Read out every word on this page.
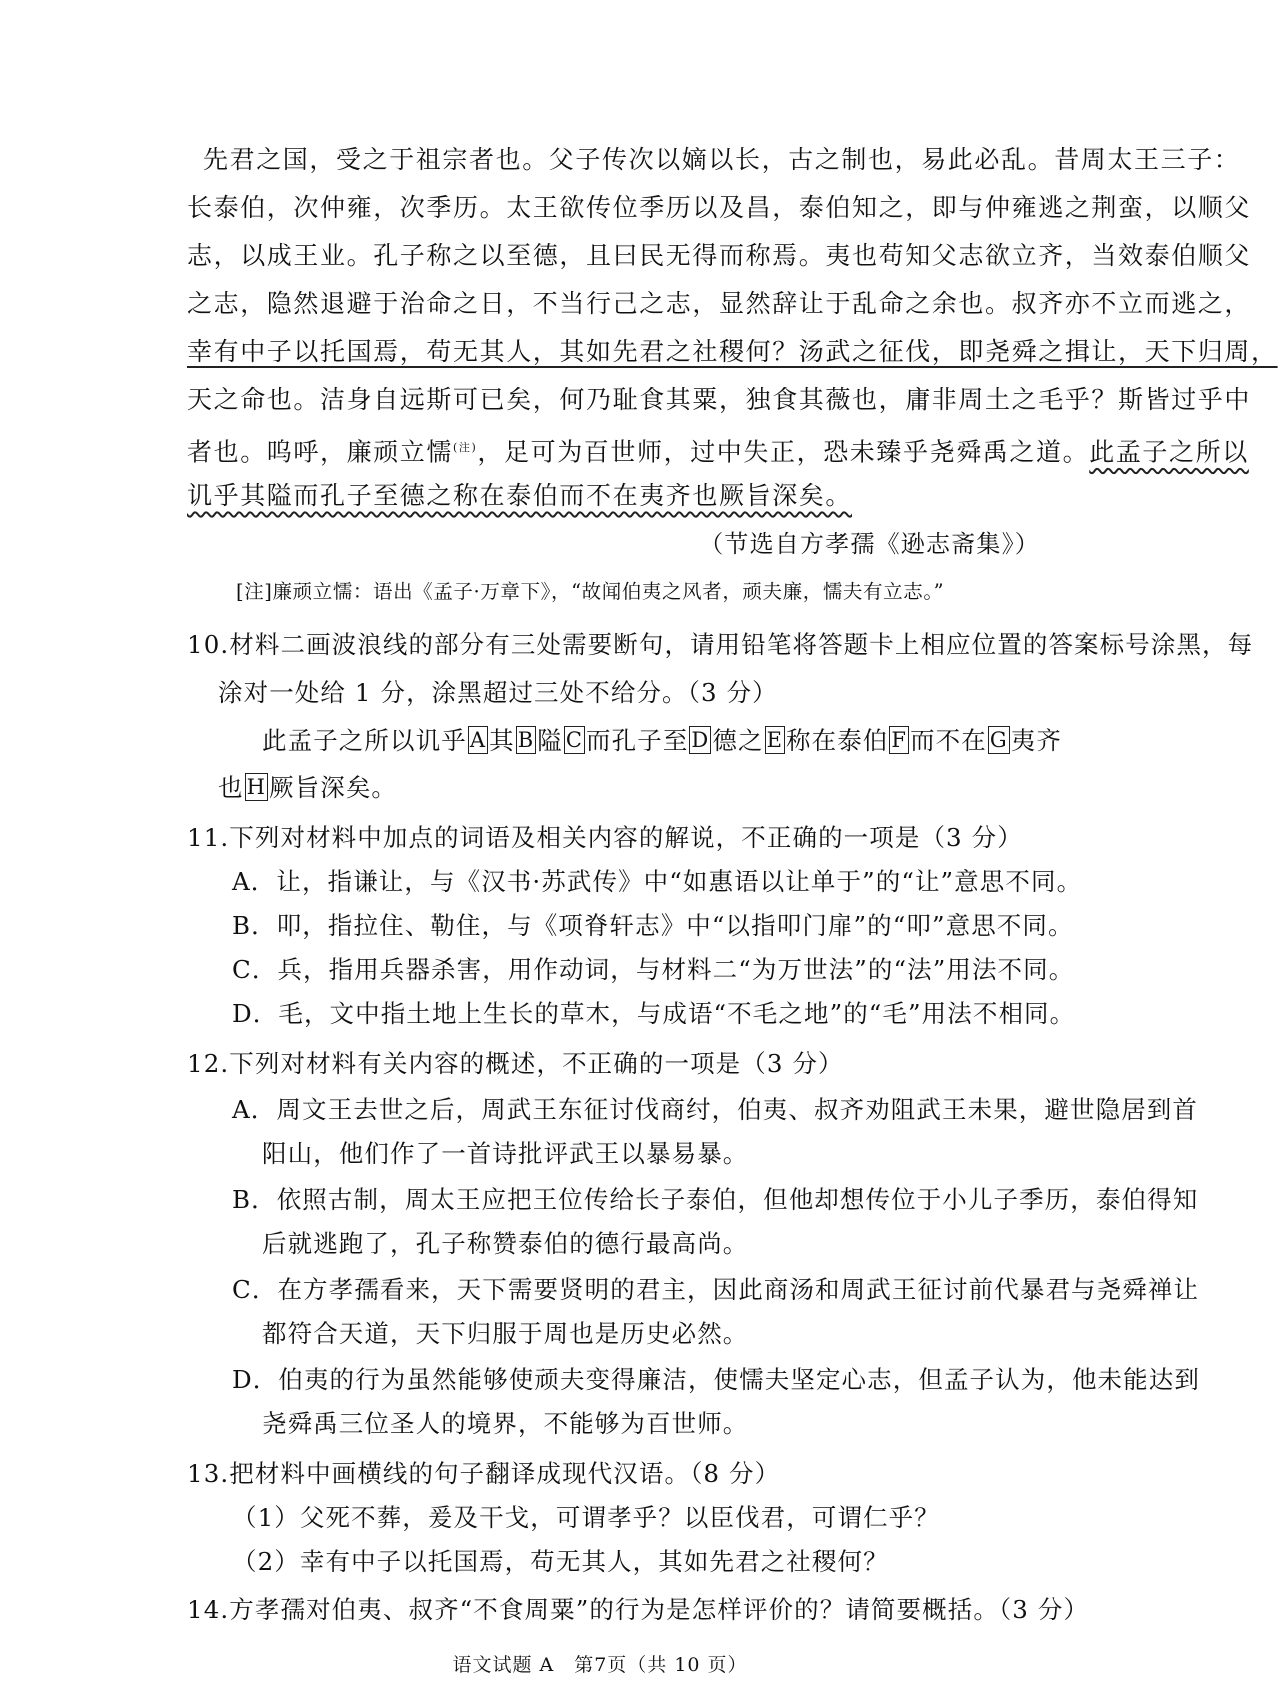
先君之国，受之于祖宗者也。父子传次以嫡以长，古之制也，易此必乱。昔周太王三子：
长泰伯，次仲雍，次季历。太王欲传位季历以及昌，泰伯知之，即与仲雍逃之荆蛮，以顺父
志，以成王业。孔子称之以至德，且曰民无得而称焉。夷也苟知父志欲立齐，当效泰伯顺父
之志，隐然退避于治命之日，不当行己之志，显然辞让于乱命之余也。叔齐亦不立而逃之，
幸有中子以托国焉，苟无其人，其如先君之社稷何？汤武之征伐，即尧舜之揖让，天下归周，
天之命也。洁身自远斯可已矣，何乃耻食其粟，独食其薇也，庸非周土之毛乎？斯皆过乎中
者也。呜呼，廉顽立懦$^{(注)}$，足可为百世师，过中失正，恐未臻乎尧舜禹之道。此孟子之所以
讥乎其隘而孔子至德之称在泰伯而不在夷齐也厥旨深矣。
（节选自方孝孺《逊志斋集》）
[注]廉顽立懦：语出《孟子·万章下》，“故闻伯夷之风者，顽夫廉，懦夫有立志。”
10.材料二画波浪线的部分有三处需要断句，请用铅笔将答题卡上相应位置的答案标号涂黑，每
涂对一处给 1 分，涂黑超过三处不给分。（3 分）
此孟子之所以讥乎 A 其 B 隘 C 而孔子至 D 德之 E 称在泰伯 F 而不在 G 夷齐
也 H 厥旨深矣。
11.下列对材料中加点的词语及相关内容的解说，不正确的一项是（3 分）
A．让，指谦让，与《汉书·苏武传》中“如惠语以让单于”的“让”意思不同。
B．叩，指拉住、勒住，与《项脊轩志》中“以指叩门扉”的“叩”意思不同。
C．兵，指用兵器杀害，用作动词，与材料二“为万世法”的“法”用法不同。
D．毛，文中指土地上生长的草木，与成语“不毛之地”的“毛”用法不相同。
12.下列对材料有关内容的概述，不正确的一项是（3 分）
A．周文王去世之后，周武王东征讨伐商纣，伯夷、叔齐劝阻武王未果，避世隐居到首
阳山，他们作了一首诗批评武王以暴易暴。
B．依照古制，周太王应把王位传给长子泰伯，但他却想传位于小儿子季历，泰伯得知
后就逃跑了，孔子称赞泰伯的德行最高尚。
C．在方孝孺看来，天下需要贤明的君主，因此商汤和周武王征讨前代暴君与尧舜禅让
都符合天道，天下归服于周也是历史必然。
D．伯夷的行为虽然能够使顽夫变得廉洁，使懦夫坚定心志，但孟子认为，他未能达到
尧舜禹三位圣人的境界，不能够为百世师。
13.把材料中画横线的句子翻译成现代汉语。（8 分）
（1）父死不葬，爰及干戈，可谓孝乎？以臣伐君，可谓仁乎？
（2）幸有中子以托国焉，苟无其人，其如先君之社稷何？
14.方孝孺对伯夷、叔齐“不食周粟”的行为是怎样评价的？请简要概括。（3 分）
语文试题 A　第7页（共 10 页）
